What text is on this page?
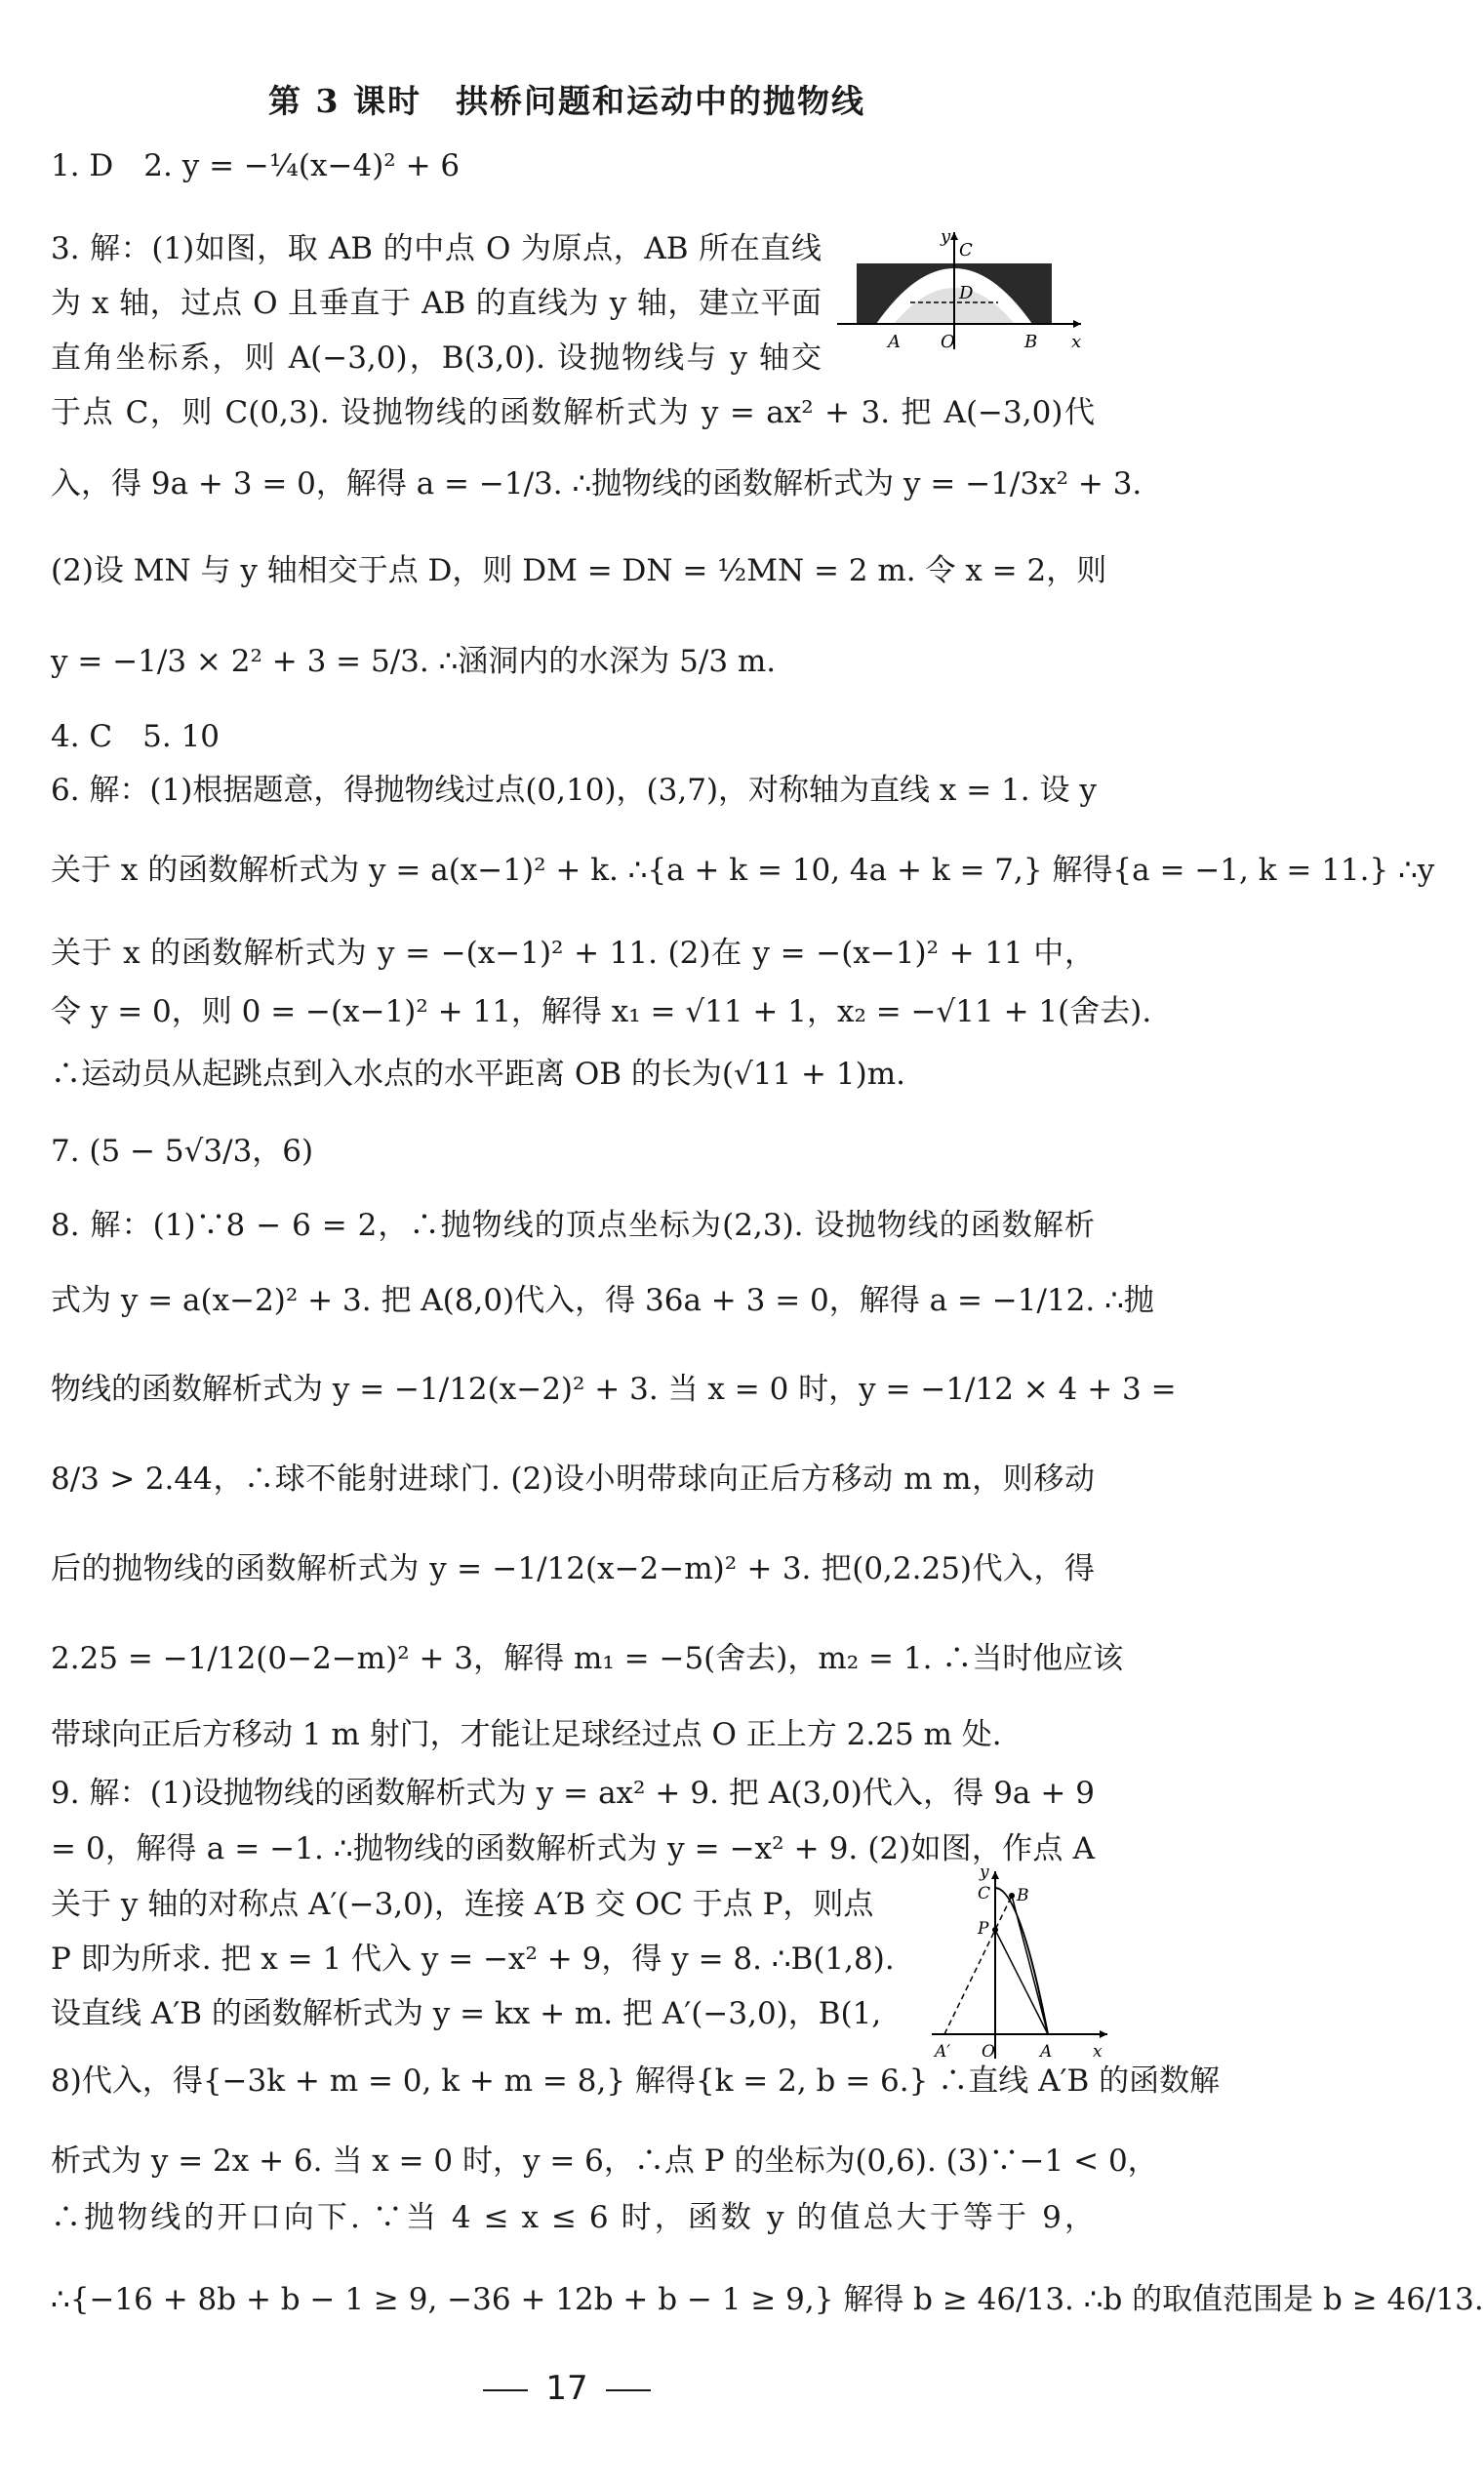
第 3 课时　拱桥问题和运动中的抛物线
1. D　2. y = −¼(x−4)² + 6
3. 解：(1)如图，取 AB 的中点 O 为原点，AB 所在直线
为 x 轴，过点 O 且垂直于 AB 的直线为 y 轴，建立平面
直角坐标系，则 A(−3,0)，B(3,0). 设抛物线与 y 轴交
于点 C，则 C(0,3). 设抛物线的函数解析式为 y = ax² + 3. 把 A(−3,0)代
入，得 9a + 3 = 0，解得 a = −1/3. ∴抛物线的函数解析式为 y = −1/3x² + 3.
(2)设 MN 与 y 轴相交于点 D，则 DM = DN = ½MN = 2 m. 令 x = 2，则
y = −1/3 × 2² + 3 = 5/3. ∴涵洞内的水深为 5/3 m.
4. C　5. 10
6. 解：(1)根据题意，得抛物线过点(0,10)，(3,7)，对称轴为直线 x = 1. 设 y
关于 x 的函数解析式为 y = a(x−1)² + k. ∴{a + k = 10, 4a + k = 7,} 解得{a = −1, k = 11.} ∴y
关于 x 的函数解析式为 y = −(x−1)² + 11. (2)在 y = −(x−1)² + 11 中，
令 y = 0，则 0 = −(x−1)² + 11，解得 x₁ = √11 + 1，x₂ = −√11 + 1(舍去).
∴运动员从起跳点到入水点的水平距离 OB 的长为(√11 + 1)m.
7. (5 − 5√3/3，6)
8. 解：(1)∵8 − 6 = 2，∴抛物线的顶点坐标为(2,3). 设抛物线的函数解析
式为 y = a(x−2)² + 3. 把 A(8,0)代入，得 36a + 3 = 0，解得 a = −1/12. ∴抛
物线的函数解析式为 y = −1/12(x−2)² + 3. 当 x = 0 时，y = −1/12 × 4 + 3 =
8/3 > 2.44，∴球不能射进球门. (2)设小明带球向正后方移动 m m，则移动
后的抛物线的函数解析式为 y = −1/12(x−2−m)² + 3. 把(0,2.25)代入，得
2.25 = −1/12(0−2−m)² + 3，解得 m₁ = −5(舍去)，m₂ = 1. ∴当时他应该
带球向正后方移动 1 m 射门，才能让足球经过点 O 正上方 2.25 m 处.
9. 解：(1)设抛物线的函数解析式为 y = ax² + 9. 把 A(3,0)代入，得 9a + 9
= 0，解得 a = −1. ∴抛物线的函数解析式为 y = −x² + 9. (2)如图，作点 A
关于 y 轴的对称点 A′(−3,0)，连接 A′B 交 OC 于点 P，则点
P 即为所求. 把 x = 1 代入 y = −x² + 9，得 y = 8. ∴B(1,8).
设直线 A′B 的函数解析式为 y = kx + m. 把 A′(−3,0)，B(1,
8)代入，得{−3k + m = 0, k + m = 8,} 解得{k = 2, b = 6.} ∴直线 A′B 的函数解
析式为 y = 2x + 6. 当 x = 0 时，y = 6，∴点 P 的坐标为(0,6). (3)∵−1 < 0，
∴抛物线的开口向下. ∵当 4 ≤ x ≤ 6 时，函数 y 的值总大于等于 9，
∴{−16 + 8b + b − 1 ≥ 9, −36 + 12b + b − 1 ≥ 9,} 解得 b ≥ 46/13. ∴b 的取值范围是 b ≥ 46/13.
y
C
D
A O	B x
y
C B
P
A′ O	A x
17
